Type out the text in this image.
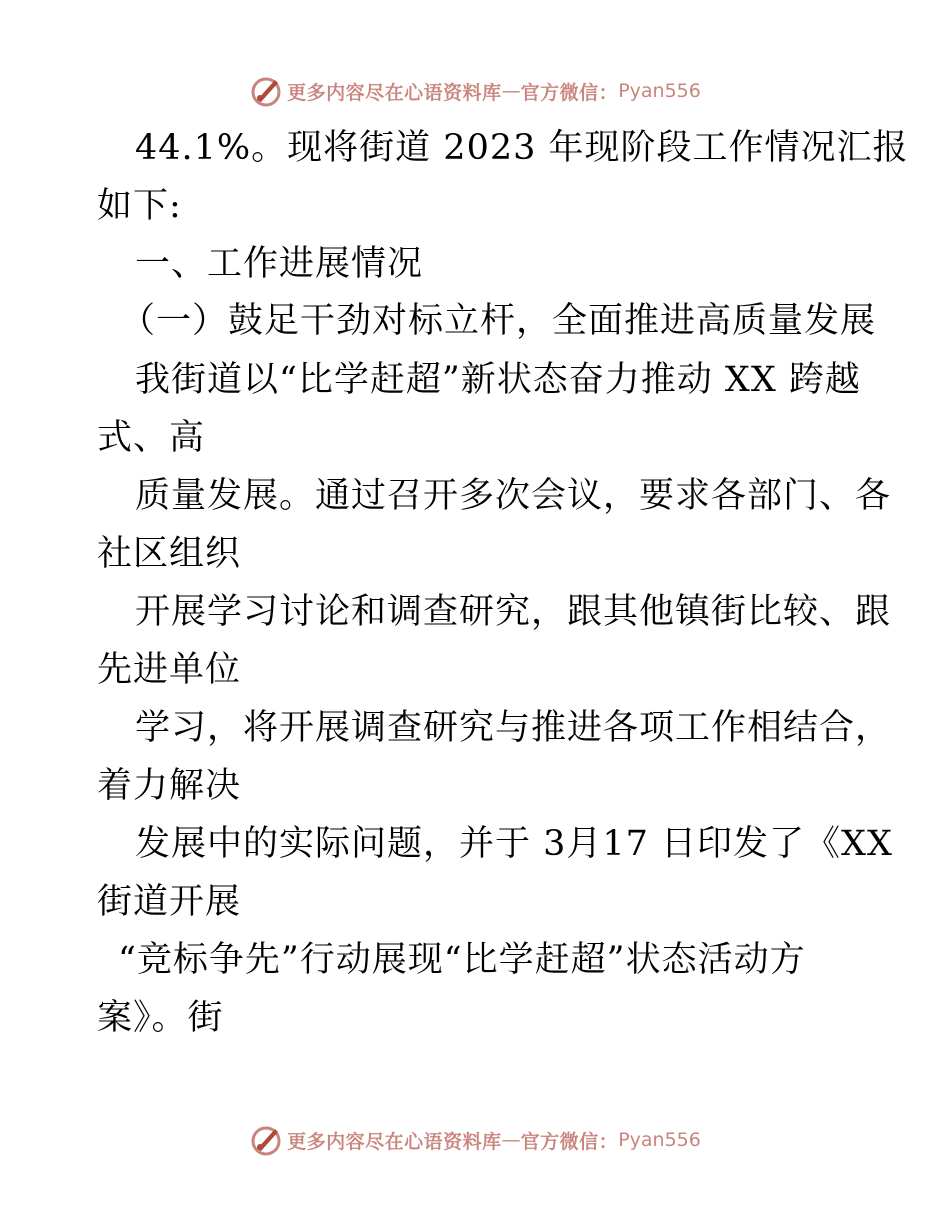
更多内容尽在心语资料库 — 官方微信： Pyan556
44.1%。现将街道 2023 年现阶段工作情况汇报
如下:
一、工作进展情况
（一）鼓足干劲对标立杆，全面推进高质量发展
我街道以“比学赶超”新状态奋力推动 XX 跨越
式、高
质量发展。通过召开多次会议，要求各部门、各
社区组织
开展学习讨论和调查研究，跟其他镇街比较、跟
先进单位
学习，将开展调查研究与推进各项工作相结合，
着力解决
发展中的实际问题，并于 3月17 日印发了《XX
街道开展
“竞标争先”行动展现“比学赶超”状态活动方
案》。街
更多内容尽在心语资料库 — 官方微信： Pyan556
